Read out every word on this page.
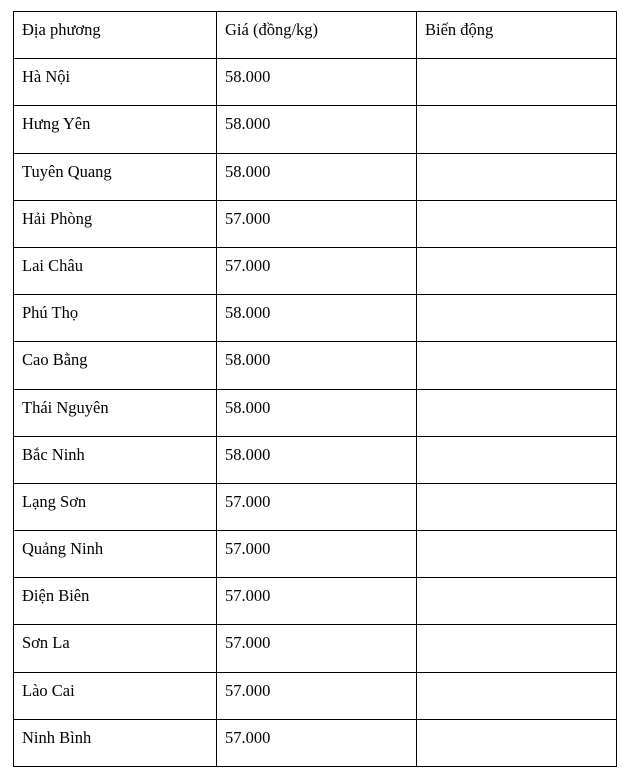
Địa phương	Giá (đồng/kg)	Biến động
Hà Nội	58.000	
Hưng Yên	58.000	
Tuyên Quang	58.000	
Hải Phòng	57.000	
Lai Châu	57.000	
Phú Thọ	58.000	
Cao Bằng	58.000	
Thái Nguyên	58.000	
Bắc Ninh	58.000	
Lạng Sơn	57.000	
Quảng Ninh	57.000	
Điện Biên	57.000	
Sơn La	57.000	
Lào Cai	57.000	
Ninh Bình	57.000	
